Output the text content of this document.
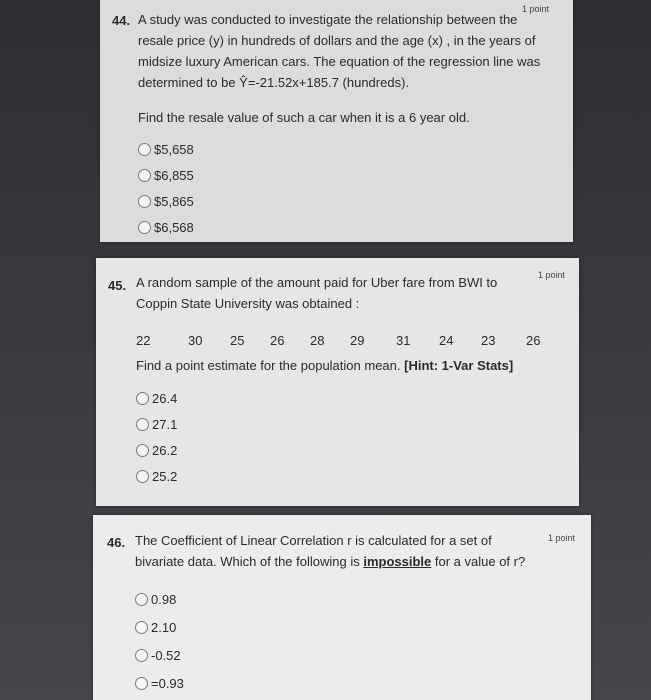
1 point
44. A study was conducted to investigate the relationship between the
resale price (y) in hundreds of dollars and the age (x) , in the years of
midsize luxury American cars. The equation of the regression line was
determined to be Ŷ=-21.52x+185.7 (hundreds).
Find the resale value of such a car when it is a 6 year old.
$5,658
$6,855
$5,865
$6,568
1 point
45. A random sample of the amount paid for Uber fare from BWI to
Coppin State University was obtained :
22	30	25	26	28	29	31	24	23	26
Find a point estimate for the population mean. [Hint: 1-Var Stats]
26.4
27.1
26.2
25.2
1 point
46. The Coefficient of Linear Correlation r is calculated for a set of
bivariate data. Which of the following is impossible for a value of r?
0.98
2.10
-0.52
=0.93
